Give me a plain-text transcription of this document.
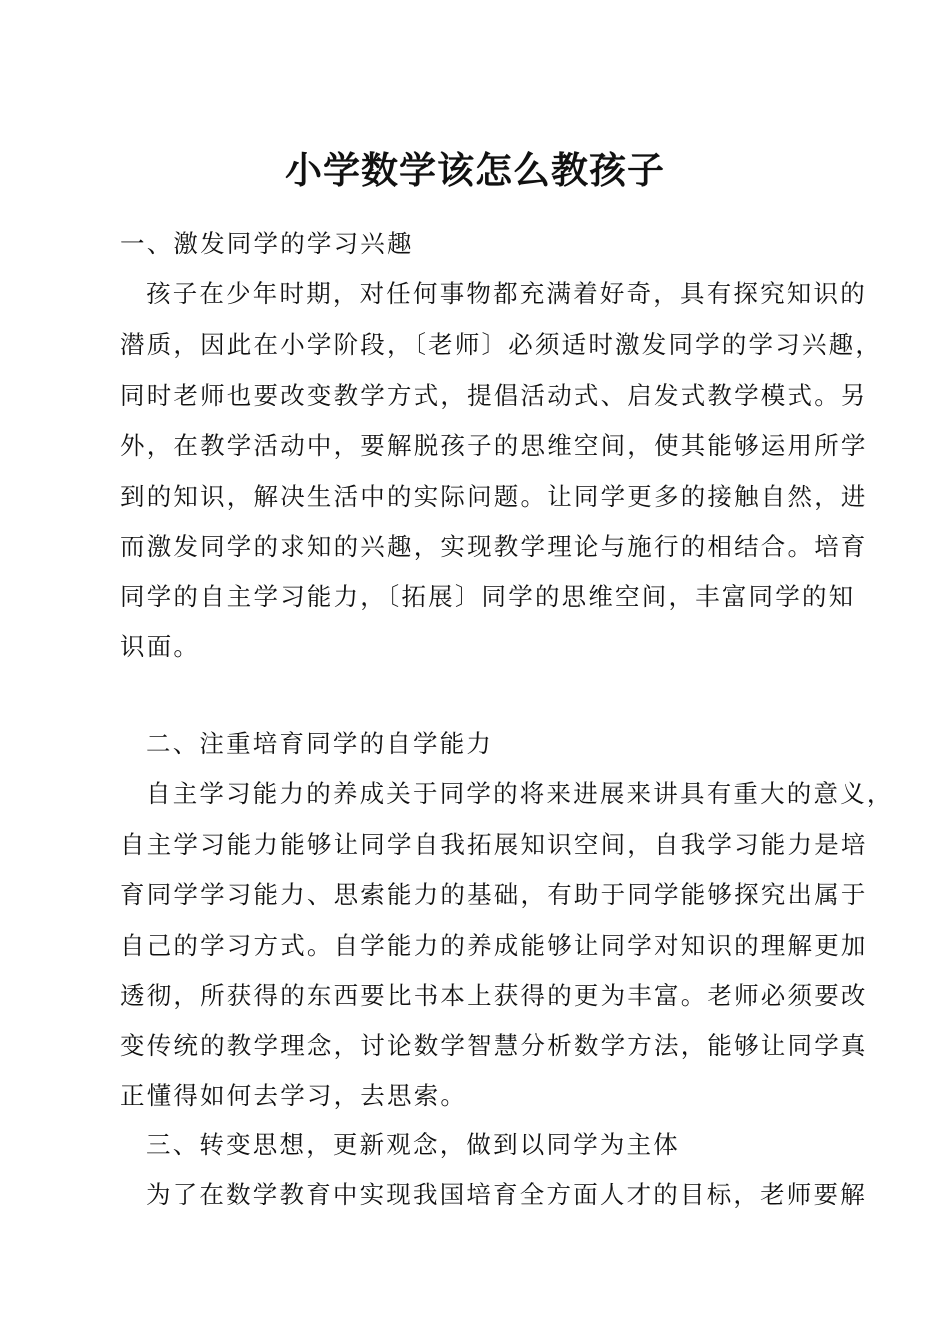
小学数学该怎么教孩子
一、激发同学的学习兴趣
孩子在少年时期，对任何事物都充满着好奇，具有探究知识的
潜质，因此在小学阶段，〔老师〕必须适时激发同学的学习兴趣，
同时老师也要改变教学方式，提倡活动式、启发式教学模式。另
外，在教学活动中，要解脱孩子的思维空间，使其能够运用所学
到的知识，解决生活中的实际问题。让同学更多的接触自然，进
而激发同学的求知的兴趣，实现教学理论与施行的相结合。培育
同学的自主学习能力，〔拓展〕同学的思维空间，丰富同学的知
识面。
二、注重培育同学的自学能力
自主学习能力的养成关于同学的将来进展来讲具有重大的意义，
自主学习能力能够让同学自我拓展知识空间，自我学习能力是培
育同学学习能力、思索能力的基础，有助于同学能够探究出属于
自己的学习方式。自学能力的养成能够让同学对知识的理解更加
透彻，所获得的东西要比书本上获得的更为丰富。老师必须要改
变传统的教学理念，讨论数学智慧分析数学方法，能够让同学真
正懂得如何去学习，去思索。
三、转变思想，更新观念，做到以同学为主体
为了在数学教育中实现我国培育全方面人才的目标，老师要解
